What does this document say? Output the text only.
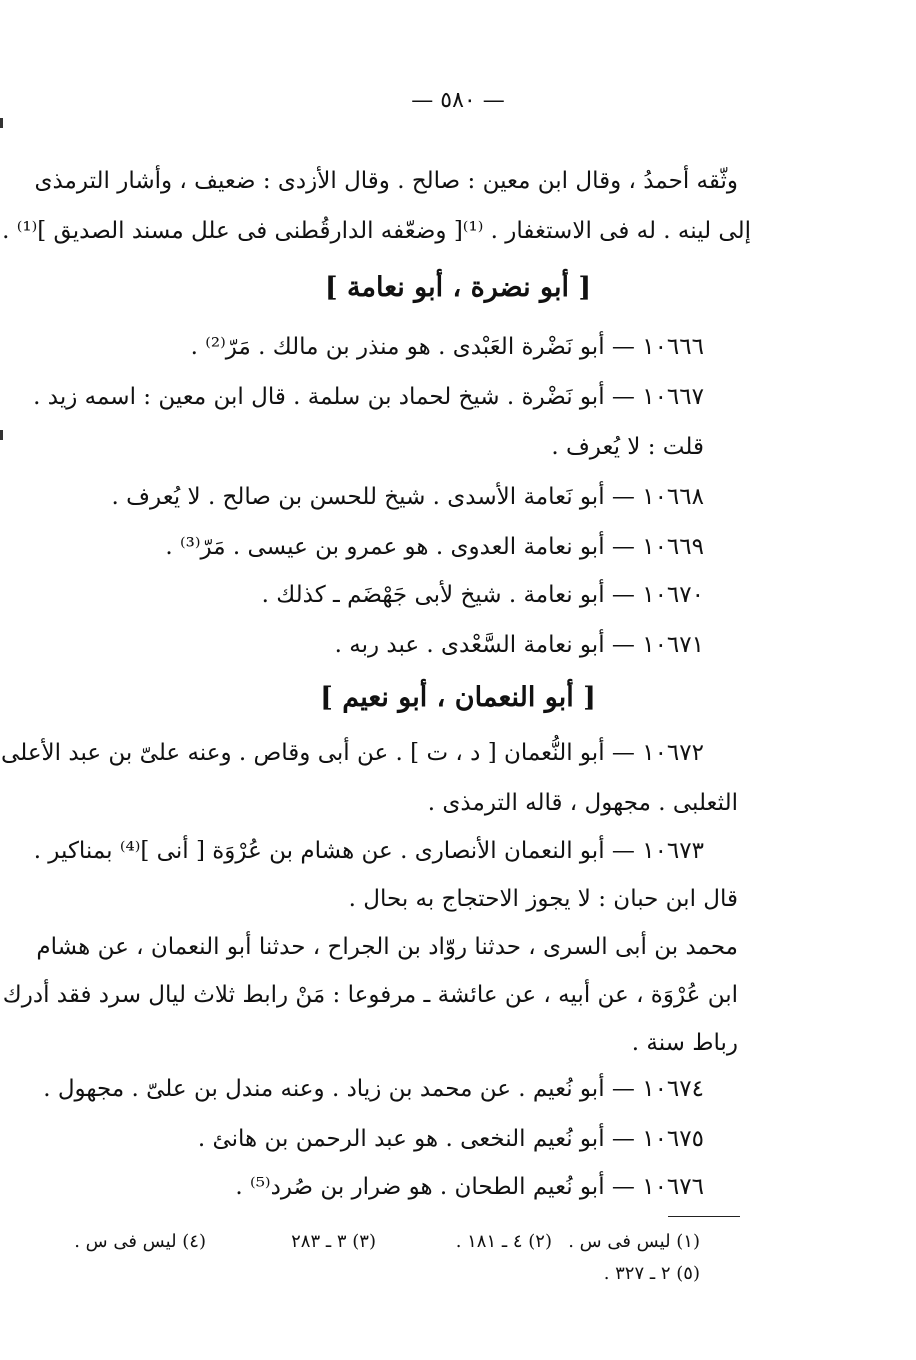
— ٥٨٠ —
وثّقه أحمدُ ، وقال ابن معين : صالح . وقال الأزدى : ضعيف ، وأشار الترمذى
إلى لينه . له فى الاستغفار . ⁽¹⁾[ وضعّفه الدارقُطنى فى علل مسند الصديق ]⁽¹⁾ .
[ أبو نضرة ، أبو نعامة ]
١٠٦٦٦ — أبو نَضْرة العَبْدى . هو منذر بن مالك . مَرّ⁽²⁾ .
١٠٦٦٧ — أبو نَضْرة . شيخ لحماد بن سلمة . قال ابن معين : اسمه زيد .
قلت : لا يُعرف .
١٠٦٦٨ — أبو نَعامة الأسدى . شيخ للحسن بن صالح . لا يُعرف .
١٠٦٦٩ — أبو نعامة العدوى . هو عمرو بن عيسى . مَرّ⁽³⁾ .
١٠٦٧٠ — أبو نعامة . شيخ لأبى جَهْضَم ـ كذلك .
١٠٦٧١ — أبو نعامة السَّعْدى . عبد ربه .
[ أبو النعمان ، أبو نعيم ]
١٠٦٧٢ — أبو النُّعمان [ د ، ت ] . عن أبى وقاص . وعنه علىّ بن عبد الأعلى
الثعلبى . مجهول ، قاله الترمذى .
١٠٦٧٣ — أبو النعمان الأنصارى . عن هشام بن عُرْوَة [ أنى ]⁽⁴⁾ بمناكير .
قال ابن حبان : لا يجوز الاحتجاج به بحال .
محمد بن أبى السرى ، حدثنا روّاد بن الجراح ، حدثنا أبو النعمان ، عن هشام
ابن عُرْوَة ، عن أبيه ، عن عائشة ـ مرفوعا : مَنْ رابط ثلاث ليال سرد فقد أدرك
رباط سنة .
١٠٦٧٤ — أبو نُعيم . عن محمد بن زياد . وعنه مندل بن علىّ . مجهول .
١٠٦٧٥ — أبو نُعيم النخعى . هو عبد الرحمن بن هانئ .
١٠٦٧٦ — أبو نُعيم الطحان . هو ضرار بن صُرد⁽⁵⁾ .
(١) ليس فى س .
(٢) ٤ ـ ١٨١ .
(٣) ٣ ـ ٢٨٣
(٤) ليس فى س .
(٥) ٢ ـ ٣٢٧ .
